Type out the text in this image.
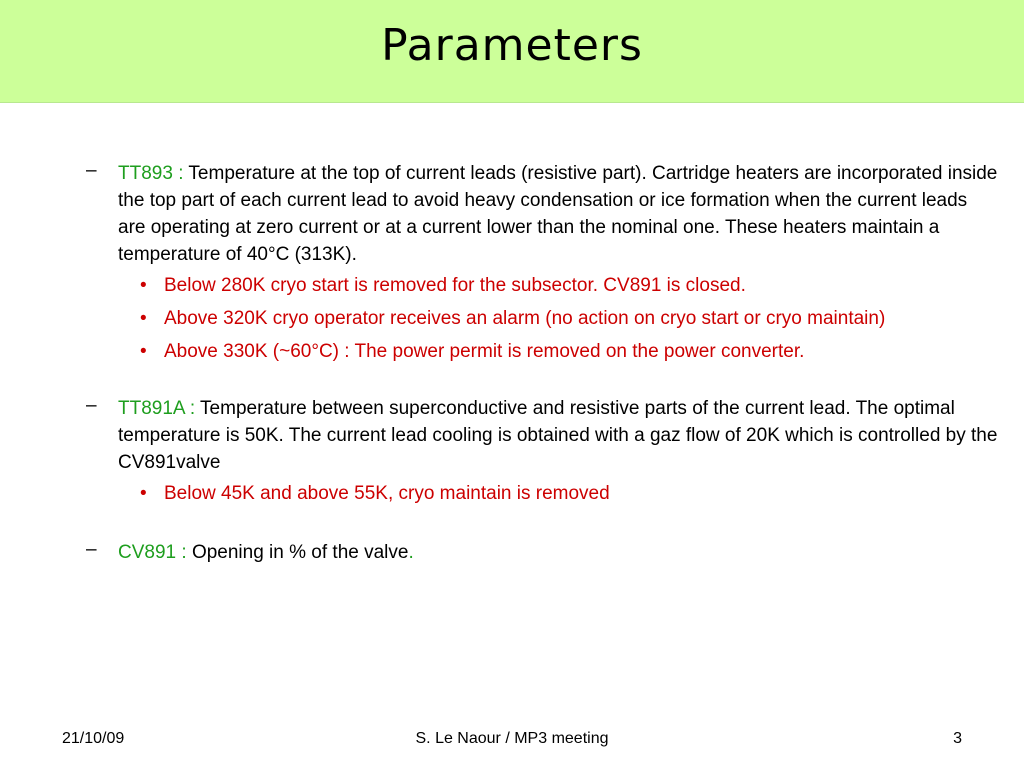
Parameters
– TT893 : Temperature at the top of current leads (resistive part). Cartridge heaters are incorporated inside the top part of each current lead to avoid heavy condensation or ice formation when the current leads are operating at zero current or at a current lower than the nominal one. These heaters maintain a temperature of 40°C (313K).
• Below 280K cryo start is removed for the subsector. CV891 is closed.
• Above 320K cryo operator receives an alarm (no action on cryo start or cryo maintain)
• Above 330K (~60°C) : The power permit is removed on the power converter.
– TT891A : Temperature between superconductive and resistive parts of the current lead. The optimal temperature is 50K. The current lead cooling is obtained with a gaz flow of 20K which is controlled by the CV891valve
• Below 45K and above 55K, cryo maintain is removed
– CV891 : Opening in % of the valve.
21/10/09	S. Le Naour / MP3 meeting	3
